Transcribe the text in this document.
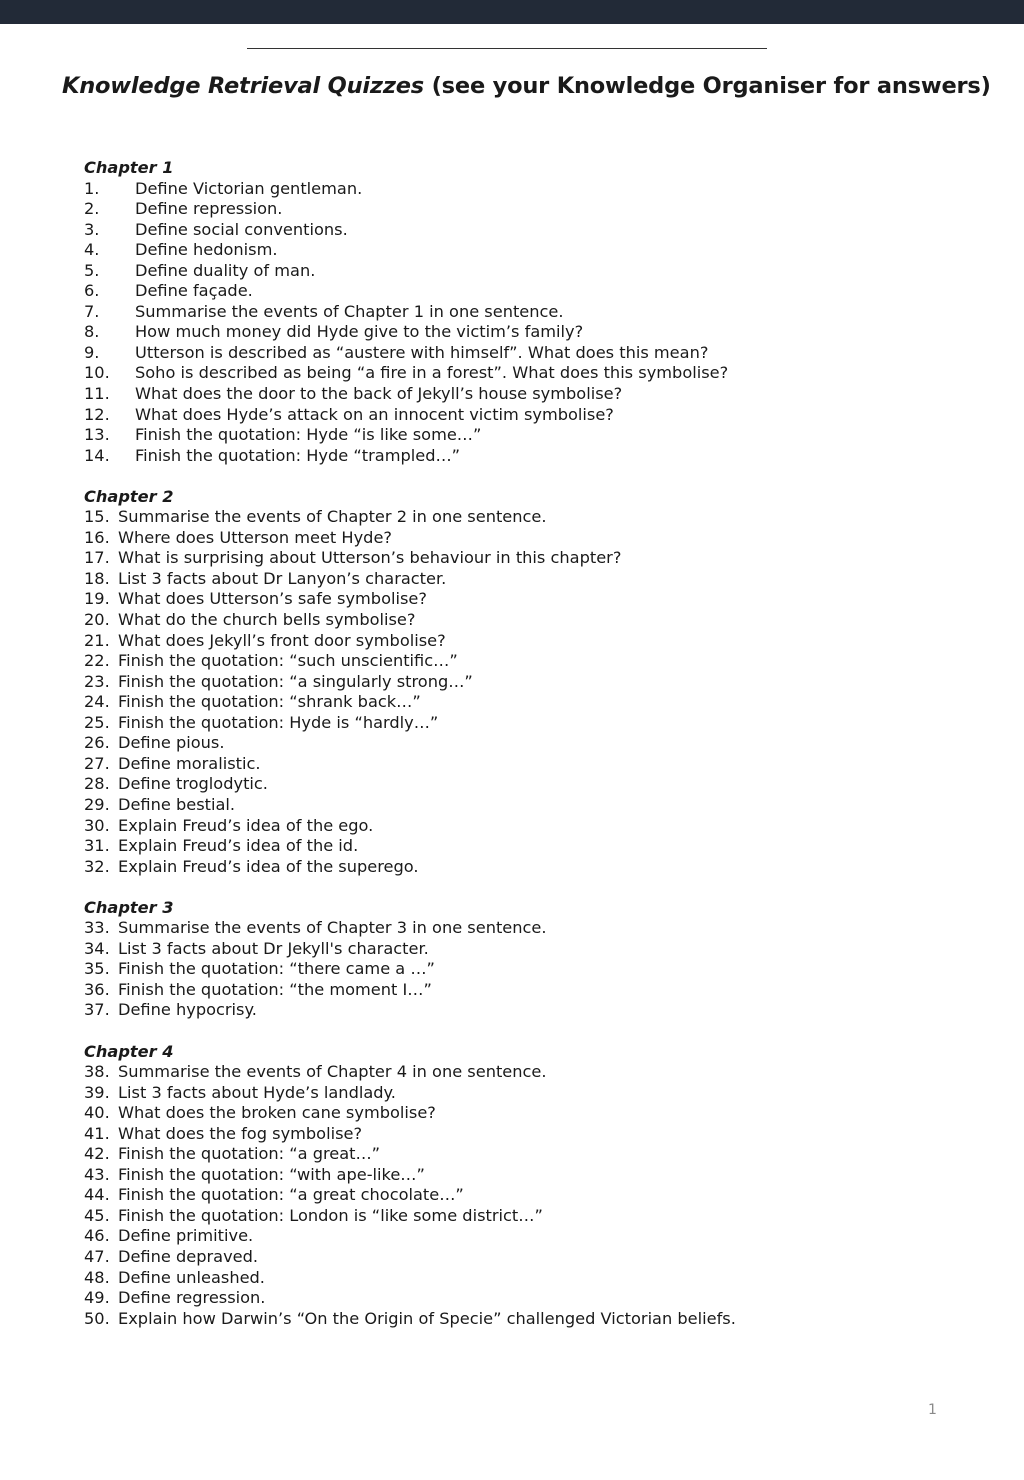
Knowledge Retrieval Quizzes (see your Knowledge Organiser for answers)
Chapter 1
1.	Define Victorian gentleman.
2.	Define repression.
3.	Define social conventions.
4.	Define hedonism.
5.	Define duality of man.
6.	Define façade.
7.	Summarise the events of Chapter 1 in one sentence.
8.	How much money did Hyde give to the victim’s family?
9.	Utterson is described as “austere with himself”. What does this mean?
10.	Soho is described as being “a fire in a forest”. What does this symbolise?
11.	What does the door to the back of Jekyll’s house symbolise?
12.	What does Hyde’s attack on an innocent victim symbolise?
13.	Finish the quotation: Hyde “is like some…”
14.	Finish the quotation: Hyde “trampled…”
Chapter 2
15. Summarise the events of Chapter 2 in one sentence.
16. Where does Utterson meet Hyde?
17. What is surprising about Utterson’s behaviour in this chapter?
18. List 3 facts about Dr Lanyon’s character.
19. What does Utterson’s safe symbolise?
20. What do the church bells symbolise?
21. What does Jekyll’s front door symbolise?
22. Finish the quotation: “such unscientific…”
23. Finish the quotation: “a singularly strong…”
24. Finish the quotation: “shrank back…”
25. Finish the quotation: Hyde is “hardly…”
26. Define pious.
27. Define moralistic.
28. Define troglodytic.
29. Define bestial.
30. Explain Freud’s idea of the ego.
31. Explain Freud’s idea of the id.
32. Explain Freud’s idea of the superego.
Chapter 3
33. Summarise the events of Chapter 3 in one sentence.
34. List 3 facts about Dr Jekyll's character.
35. Finish the quotation: “there came a …”
36. Finish the quotation: “the moment I…”
37. Define hypocrisy.
Chapter 4
38. Summarise the events of Chapter 4 in one sentence.
39. List 3 facts about Hyde’s landlady.
40. What does the broken cane symbolise?
41. What does the fog symbolise?
42. Finish the quotation: “a great…”
43. Finish the quotation: “with ape-like…”
44. Finish the quotation: “a great chocolate…”
45. Finish the quotation: London is “like some district…”
46. Define primitive.
47. Define depraved.
48. Define unleashed.
49. Define regression.
50. Explain how Darwin’s “On the Origin of Specie” challenged Victorian beliefs.
1
